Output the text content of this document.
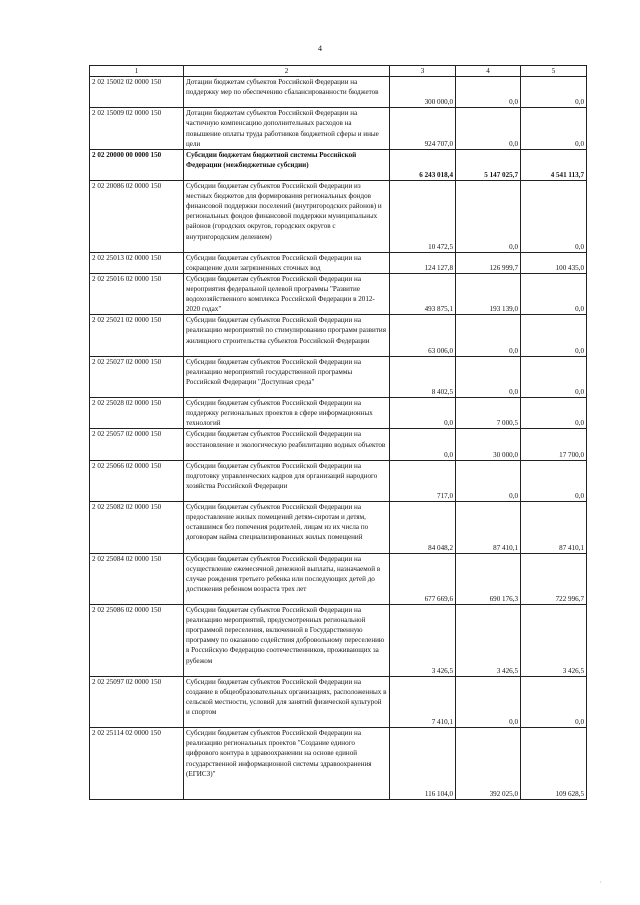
4
1	2	3	4	5
2 02 15002 02 0000 150	Дотации бюджетам субъектов Российской Федерации на поддержку мер по обеспечению сбалансированности бюджетов	300 000,0	0,0	0,0
2 02 15009 02 0000 150	Дотации бюджетам субъектов Российской Федерации на частичную компенсацию дополнительных расходов на повышение оплаты труда работников бюджетной сферы и иные цели	924 707,0	0,0	0,0
2 02 20000 00 0000 150	Субсидии бюджетам бюджетной системы Российской Федерации (межбюджетные субсидии)	6 243 018,4	5 147 025,7	4 541 113,7
2 02 20086 02 0000 150	Субсидии бюджетам субъектов Российской Федерации из местных бюджетов для формирования региональных фондов финансовой поддержки поселений (внутригородских районов) и региональных фондов финансовой поддержки муниципальных районов (городских округов, городских округов с внутригородским делением)	10 472,5	0,0	0,0
2 02 25013 02 0000 150	Субсидии бюджетам субъектов Российской Федерации на сокращение доли загрязненных сточных вод	124 127,8	126 999,7	100 435,0
2 02 25016 02 0000 150	Субсидии бюджетам субъектов Российской Федерации на мероприятия федеральной целевой программы "Развитие водохозяйственного комплекса Российской Федерации в 2012-2020 годах"	493 875,1	193 139,0	0,0
2 02 25021 02 0000 150	Субсидии бюджетам субъектов Российской Федерации на реализацию мероприятий по стимулированию программ развития жилищного строительства субъектов Российской Федерации	63 006,0	0,0	0,0
2 02 25027 02 0000 150	Субсидии бюджетам субъектов Российской Федерации на реализацию мероприятий государственной программы Российской Федерации "Доступная среда"	8 402,5	0,0	0,0
2 02 25028 02 0000 150	Субсидии бюджетам субъектов Российской Федерации на поддержку региональных проектов в сфере информационных технологий	0,0	7 000,5	0,0
2 02 25057 02 0000 150	Субсидии бюджетам субъектов Российской Федерации на восстановление и экологическую реабилитацию водных объектов	0,0	30 000,0	17 700,0
2 02 25066 02 0000 150	Субсидии бюджетам субъектов Российской Федерации на подготовку управленческих кадров для организаций народного хозяйства Российской Федерации	717,0	0,0	0,0
2 02 25082 02 0000 150	Субсидии бюджетам субъектов Российской Федерации на предоставление жилых помещений детям-сиротам и детям, оставшимся без попечения родителей, лицам из их числа по договорам найма специализированных жилых помещений	84 048,2	87 410,1	87 410,1
2 02 25084 02 0000 150	Субсидии бюджетам субъектов Российской Федерации на осуществление ежемесячной денежной выплаты, назначаемой в случае рождения третьего ребенка или последующих детей до достижения ребенком возраста трех лет	677 669,6	690 176,3	722 996,7
2 02 25086 02 0000 150	Субсидии бюджетам субъектов Российской Федерации на реализацию мероприятий, предусмотренных региональной программой переселения, включенной в Государственную программу по оказанию содействия добровольному переселению в Российскую Федерацию соотечественников, проживающих за рубежом	3 426,5	3 426,5	3 426,5
2 02 25097 02 0000 150	Субсидии бюджетам субъектов Российской Федерации на создание в общеобразовательных организациях, расположенных в сельской местности, условий для занятий физической культурой и спортом	7 410,1	0,0	0,0
2 02 25114 02 0000 150	Субсидии бюджетам субъектов Российской Федерации на реализацию региональных проектов "Создание единого цифрового контура в здравоохранении на основе единой государственной информационной системы здравоохранения (ЕГИСЗ)"	116 104,0	392 025,0	109 628,5
'
